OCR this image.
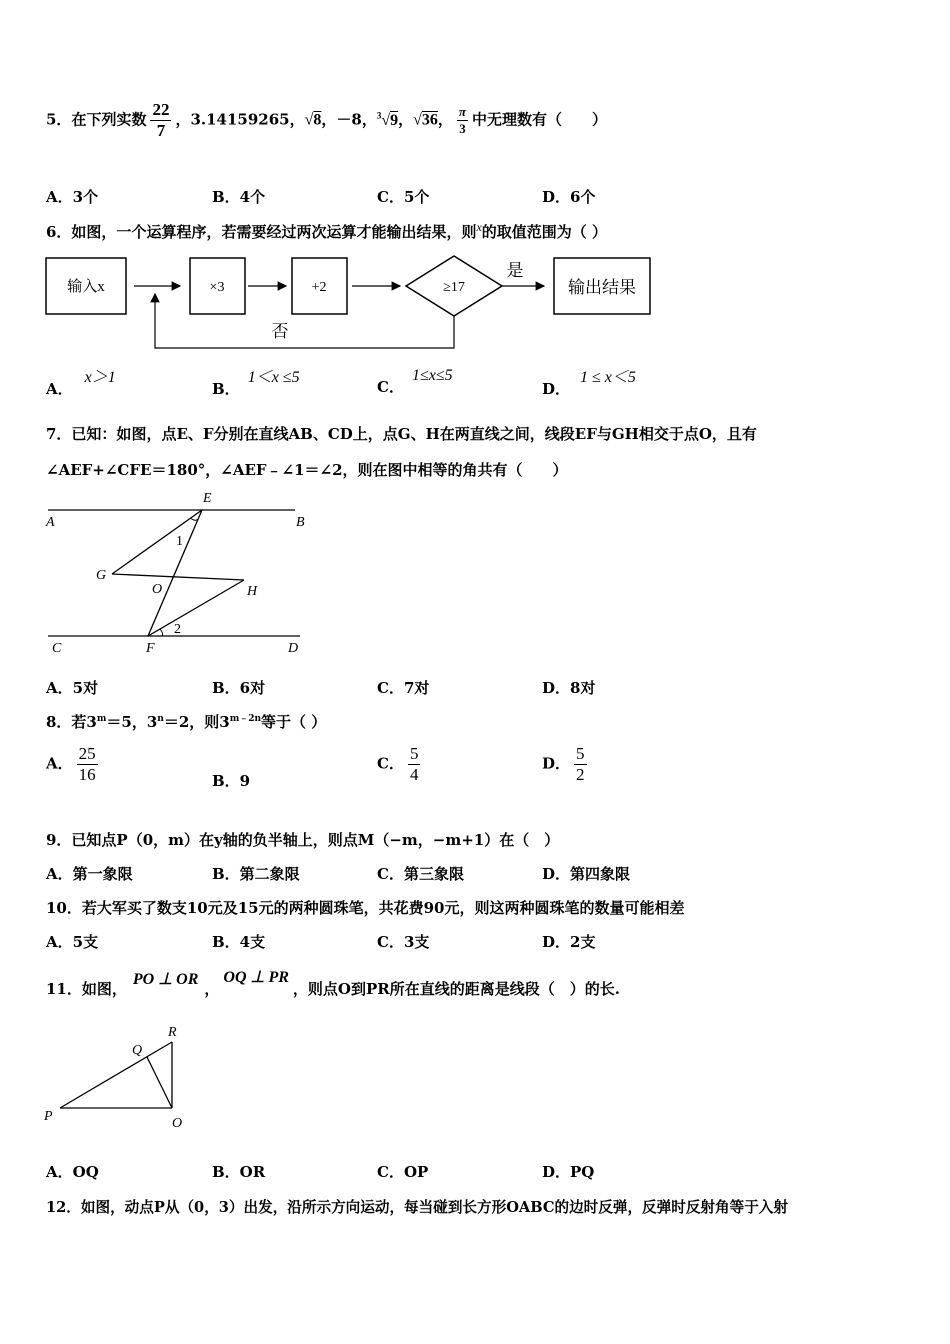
5．在下列实数 $\frac{22}{7}$ ，3.14159265，√8，－8，$^3$√9，√36， $\frac{\pi}{3}$ 中无理数有（　　）
A．3个	B．4个	C．5个	D．6个
6．如图，一个运算程序，若需要经过两次运算才能输出结果，则$^x$的取值范围为（ ）
输入x	×3	+2	≥17
是
输出结果
否
A．x＞1
B．1＜x ≤5
C．1≤x≤5
D．1 ≤ x＜5
7．已知：如图，点E、F分别在直线AB、CD上，点G、H在两直线之间，线段EF与GH相交于点O，且有
∠AEF+∠CFE＝180°，∠AEF﹣∠1＝∠2，则在图中相等的角共有（　　）
A	B
C	D
E
F
G
H
O
1
2
A．5对	B．6对	C．7对	D．8对
8．若$3^m=5$，$3^n=2$，则$3^{m﹣2n}$等于（ ）
A． $\frac{25}{16}$	B．9
C． $\frac{5}{4}$	D． $\frac{5}{2}$
9．已知点P（0，m）在y轴的负半轴上，则点M（−m，−m+1）在（　）
A．第一象限	B．第二象限	C．第三象限	D．第四象限
10．若大军买了数支10元及15元的两种圆珠笔，共花费90元，则这两种圆珠笔的数量可能相差
A．5支	B．4支	C．3支	D．2支
11．如图，PO ⊥ OR，OQ ⊥ PR，则点O到PR所在直线的距离是线段（　）的长.
P
Q
R
O
A．OQ	B．OR	C．OP	D．PQ
12．如图，动点P从（0，3）出发，沿所示方向运动，每当碰到长方形OABC的边时反弹，反弹时反射角等于入射
